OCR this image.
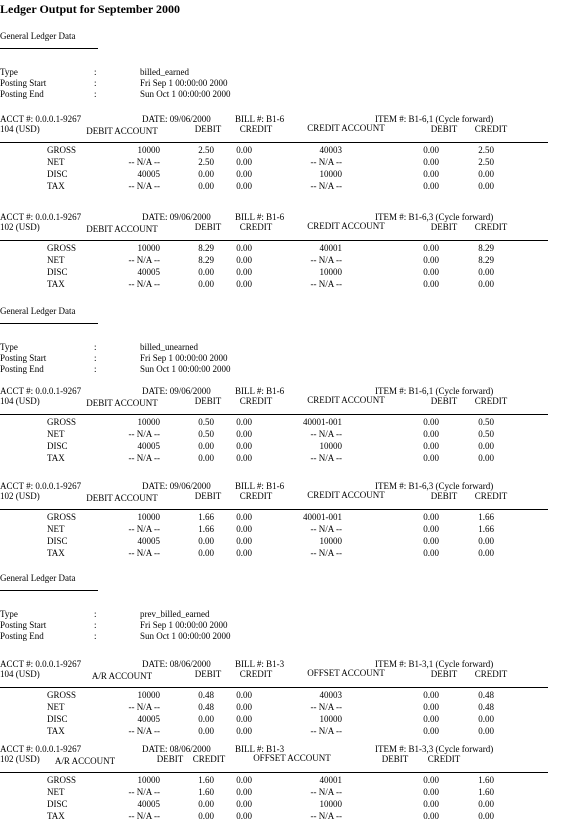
Ledger Output for September 2000
General Ledger Data
Type	:	billed_earned
Posting Start	:	Fri Sep 1 00:00:00 2000
Posting End	:	Sun Oct 1 00:00:00 2000
ACCT #: 0.0.0.1-9267	DATE: 09/06/2000	BILL #: B1-6	ITEM #: B1-6,1 (Cycle forward)
104 (USD)	DEBIT ACCOUNT	DEBIT	CREDIT	CREDIT ACCOUNT	DEBIT	CREDIT
GROSS	10000	2.50	0.00	40003	0.00	2.50
NET	-- N/A --	2.50	0.00	-- N/A --	0.00	2.50
DISC	40005	0.00	0.00	10000	0.00	0.00
TAX	-- N/A --	0.00	0.00	-- N/A --	0.00	0.00
ACCT #: 0.0.0.1-9267	DATE: 09/06/2000	BILL #: B1-6	ITEM #: B1-6,3 (Cycle forward)
102 (USD)	DEBIT ACCOUNT	DEBIT	CREDIT	CREDIT ACCOUNT	DEBIT	CREDIT
GROSS	10000	8.29	0.00	40001	0.00	8.29
NET	-- N/A --	8.29	0.00	-- N/A --	0.00	8.29
DISC	40005	0.00	0.00	10000	0.00	0.00
TAX	-- N/A --	0.00	0.00	-- N/A --	0.00	0.00
General Ledger Data
Type	:	billed_unearned
Posting Start	:	Fri Sep 1 00:00:00 2000
Posting End	:	Sun Oct 1 00:00:00 2000
ACCT #: 0.0.0.1-9267	DATE: 09/06/2000	BILL #: B1-6	ITEM #: B1-6,1 (Cycle forward)
104 (USD)	DEBIT ACCOUNT	DEBIT	CREDIT	CREDIT ACCOUNT	DEBIT	CREDIT
GROSS	10000	0.50	0.00	40001-001	0.00	0.50
NET	-- N/A --	0.50	0.00	-- N/A --	0.00	0.50
DISC	40005	0.00	0.00	10000	0.00	0.00
TAX	-- N/A --	0.00	0.00	-- N/A --	0.00	0.00
ACCT #: 0.0.0.1-9267	DATE: 09/06/2000	BILL #: B1-6	ITEM #: B1-6,3 (Cycle forward)
102 (USD)	DEBIT ACCOUNT	DEBIT	CREDIT	CREDIT ACCOUNT	DEBIT	CREDIT
GROSS	10000	1.66	0.00	40001-001	0.00	1.66
NET	-- N/A --	1.66	0.00	-- N/A --	0.00	1.66
DISC	40005	0.00	0.00	10000	0.00	0.00
TAX	-- N/A --	0.00	0.00	-- N/A --	0.00	0.00
General Ledger Data
Type	:	prev_billed_earned
Posting Start	:	Fri Sep 1 00:00:00 2000
Posting End	:	Sun Oct 1 00:00:00 2000
ACCT #: 0.0.0.1-9267	DATE: 08/06/2000	BILL #: B1-3	ITEM #: B1-3,1 (Cycle forward)
104 (USD)	A/R ACCOUNT	DEBIT	CREDIT	OFFSET ACCOUNT	DEBIT	CREDIT
GROSS	10000	0.48	0.00	40003	0.00	0.48
NET	-- N/A --	0.48	0.00	-- N/A --	0.00	0.48
DISC	40005	0.00	0.00	10000	0.00	0.00
TAX	-- N/A --	0.00	0.00	-- N/A --	0.00	0.00
ACCT #: 0.0.0.1-9267	DATE: 08/06/2000	BILL #: B1-3	ITEM #: B1-3,3 (Cycle forward)
102 (USD)	A/R ACCOUNT	DEBIT	CREDIT	OFFSET ACCOUNT	DEBIT	CREDIT
GROSS	10000	1.60	0.00	40001	0.00	1.60
NET	-- N/A --	1.60	0.00	-- N/A --	0.00	1.60
DISC	40005	0.00	0.00	10000	0.00	0.00
TAX	-- N/A --	0.00	0.00	-- N/A --	0.00	0.00
